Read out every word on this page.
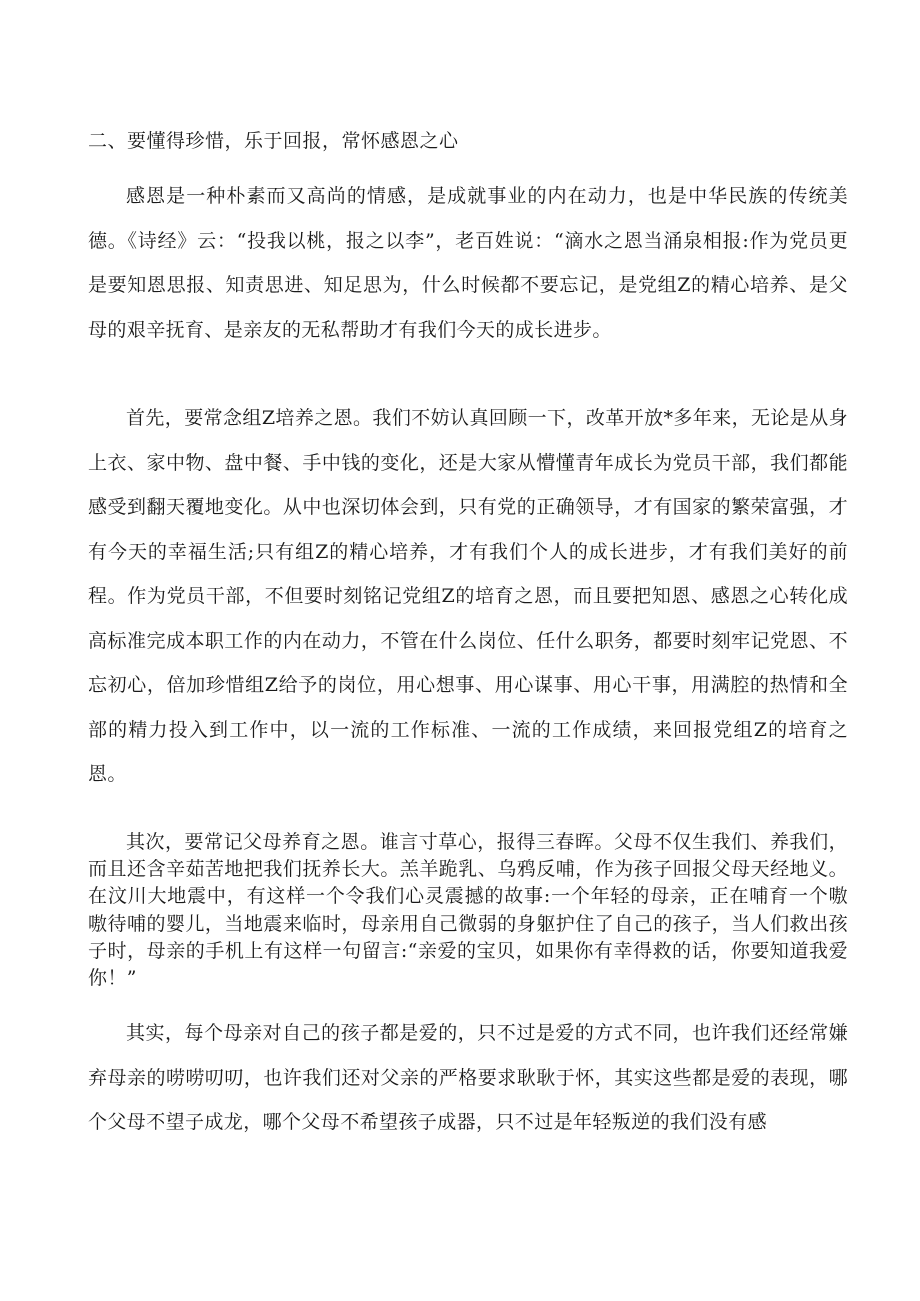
二、要懂得珍惜，乐于回报，常怀感恩之心

感恩是一种朴素而又高尚的情感，是成就事业的内在动力，也是中华民族的传统美德。《诗经》云：“投我以桃，报之以李”，老百姓说：“滴水之恩当涌泉相报:作为党员更是要知恩思报、知责思进、知足思为，什么时候都不要忘记，是党组Z的精心培养、是父母的艰辛抚育、是亲友的无私帮助才有我们今天的成长进步。

首先，要常念组Z培养之恩。我们不妨认真回顾一下，改革开放*多年来，无论是从身上衣、家中物、盘中餐、手中钱的变化，还是大家从懵懂青年成长为党员干部，我们都能感受到翻天覆地变化。从中也深切体会到，只有党的正确领导，才有国家的繁荣富强，才有今天的幸福生活;只有组Z的精心培养，才有我们个人的成长进步，才有我们美好的前程。作为党员干部，不但要时刻铭记党组Z的培育之恩，而且要把知恩、感恩之心转化成高标准完成本职工作的内在动力，不管在什么岗位、任什么职务，都要时刻牢记党恩、不忘初心，倍加珍惜组Z给予的岗位，用心想事、用心谋事、用心干事，用满腔的热情和全部的精力投入到工作中，以一流的工作标准、一流的工作成绩，来回报党组Z的培育之恩。

其次，要常记父母养育之恩。谁言寸草心，报得三春晖。父母不仅生我们、养我们，而且还含辛茹苦地把我们抚养长大。羔羊跪乳、乌鸦反哺，作为孩子回报父母天经地义。在汶川大地震中，有这样一个令我们心灵震撼的故事:一个年轻的母亲，正在哺育一个嗷嗷待哺的婴儿，当地震来临时，母亲用自己微弱的身躯护住了自己的孩子，当人们救出孩子时，母亲的手机上有这样一句留言:“亲爱的宝贝，如果你有幸得救的话，你要知道我爱你！”

其实，每个母亲对自己的孩子都是爱的，只不过是爱的方式不同，也许我们还经常嫌弃母亲的唠唠叨叨，也许我们还对父亲的严格要求耿耿于怀，其实这些都是爱的表现，哪个父母不望子成龙，哪个父母不希望孩子成器，只不过是年轻叛逆的我们没有感
